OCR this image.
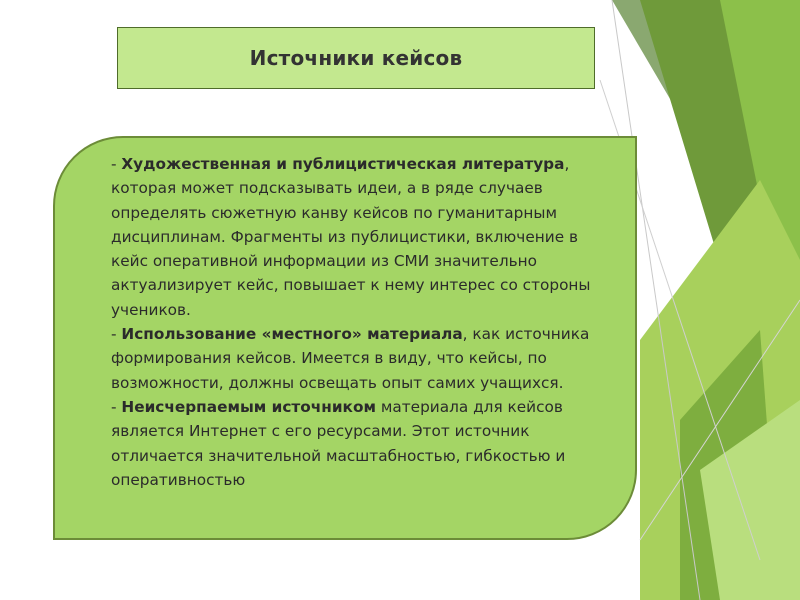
Источники кейсов
- Художественная и публицистическая литература, которая может подсказывать идеи, а в ряде случаев определять сюжетную канву кейсов по гуманитарным дисциплинам. Фрагменты из публицистики, включение в кейс оперативной информации из СМИ значительно актуализирует кейс, повышает к нему интерес со стороны учеников.
- Использование «местного» материала, как источника формирования кейсов. Имеется в виду, что кейсы, по возможности, должны освещать опыт самих учащихся.
- Неисчерпаемым источником материала для кейсов является Интернет с его ресурсами. Этот источник отличается значительной масштабностью, гибкостью и оперативностью
